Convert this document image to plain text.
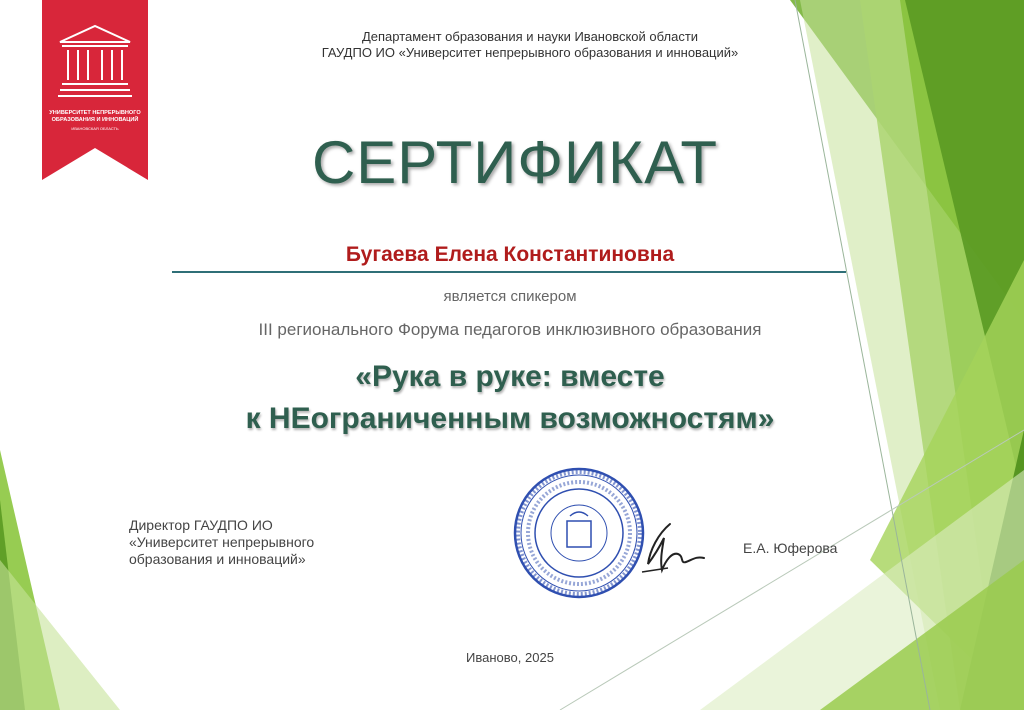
УНИВЕРСИТЕТ НЕПРЕРЫВНОГО
ОБРАЗОВАНИЯ И ИННОВАЦИЙ
ИВАНОВСКАЯ ОБЛАСТЬ
Департамент образования и науки Ивановской области
ГАУДПО ИО «Университет непрерывного образования и инноваций»
СЕРТИФИКАТ
Бугаева Елена Константиновна
является спикером
III регионального Форума педагогов инклюзивного образования
«Рука в руке: вместе
к НЕограниченным возможностям»
Директор ГАУДПО ИО
«Университет непрерывного
образования и инноваций»
Е.А. Юферова
Иваново, 2025
